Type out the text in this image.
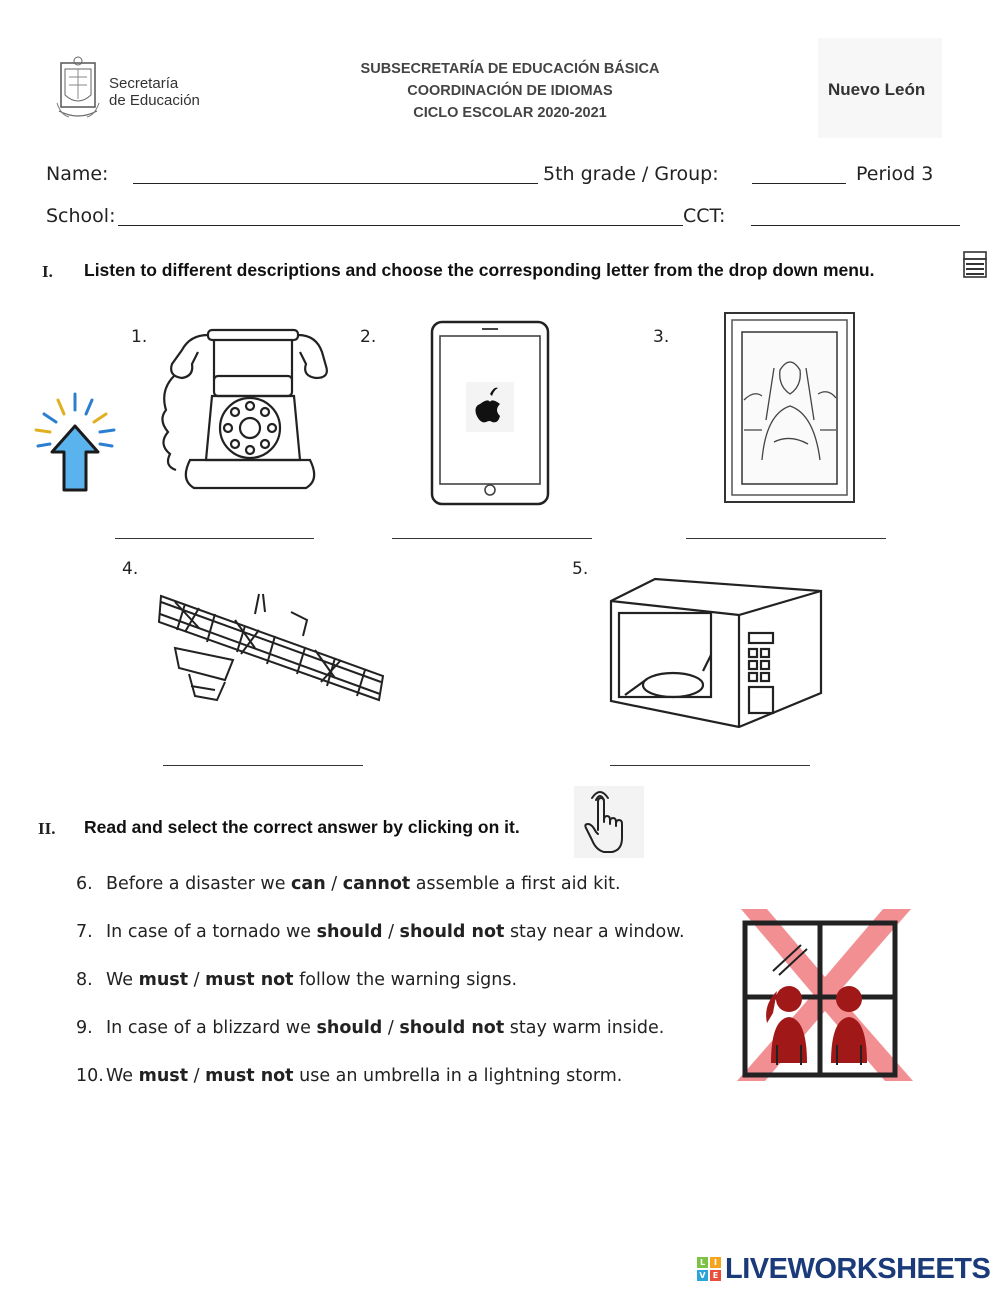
Secretaría
de Educación
SUBSECRETARÍA DE EDUCACIÓN BÁSICA
COORDINACIÓN DE IDIOMAS
CICLO ESCOLAR 2020-2021
Nuevo León
Name:	5th grade / Group:	Period 3
School:	CCT:
I. Listen to different descriptions and choose the corresponding letter from the drop down menu.
1.	2.	3.
4.	5.
II. Read and select the correct answer by clicking on it.
6. Before a disaster we can / cannot assemble a first aid kit.
7. In case of a tornado we should / should not stay near a window.
8. We must / must not follow the warning signs.
9. In case of a blizzard we should / should not stay warm inside.
10. We must / must not use an umbrella in a lightning storm.
L	I
V E LIVEWORKSHEETS
